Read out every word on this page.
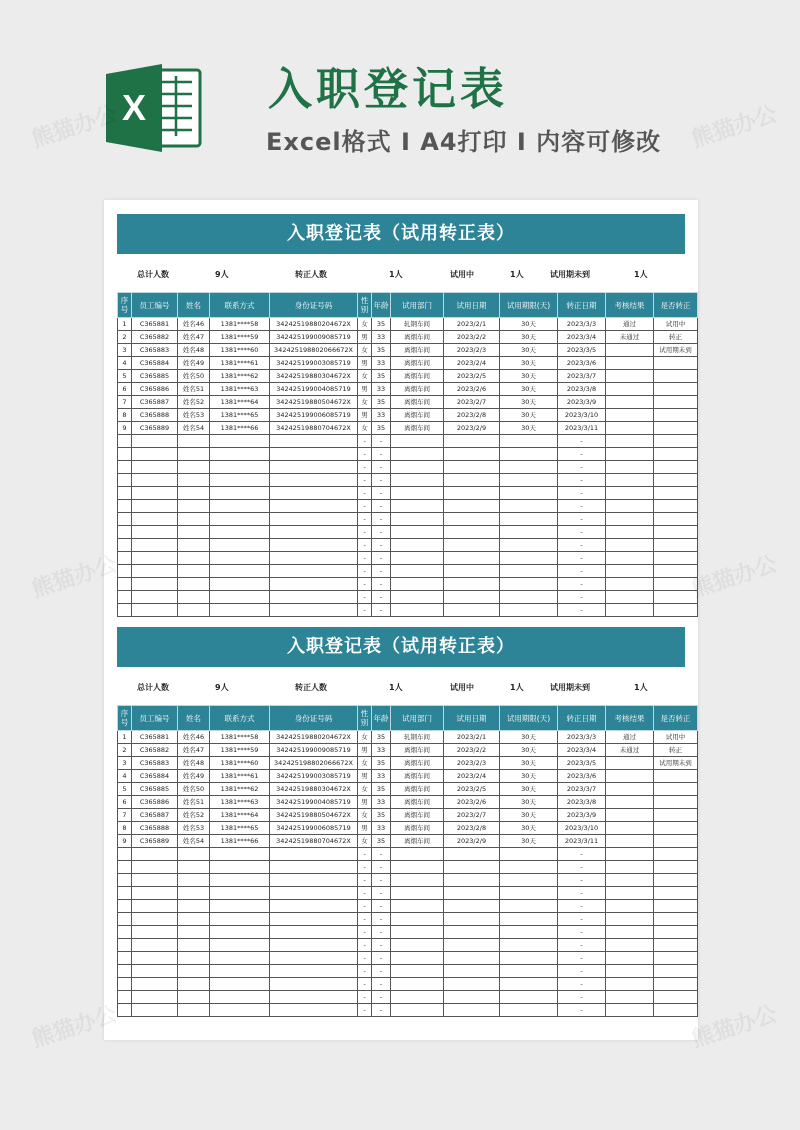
X	入职登记表
Excel格式 I A4打印 I 内容可修改
入职登记表（试用转正表）
总计人数	9人	转正人数	1人	试用中	1人	试用期未到	1人
序号	员工编号	姓名	联系方式	身份证号码	性别	年龄	试用部门	试用日期	试用期限(天)	转正日期	考核结果	是否转正
1	C365881	姓名46	1381****58	34242519880204672X	女	35	轧钢车间	2023/2/1	30天	2023/3/3	通过	试用中
2	C365882	姓名47	1381****59	342425199009085719	男	33	离烟车间	2023/2/2	30天	2023/3/4	未通过	转正
3	C365883	姓名48	1381****60	342425198802066672X	女	35	离烟车间	2023/2/3	30天	2023/3/5		试用期未到
4	C365884	姓名49	1381****61	342425199003085719	男	33	离烟车间	2023/2/4	30天	2023/3/6		
5	C365885	姓名50	1381****62	34242519880304672X	女	35	离烟车间	2023/2/5	30天	2023/3/7		
6	C365886	姓名51	1381****63	342425199004085719	男	33	离烟车间	2023/2/6	30天	2023/3/8		
7	C365887	姓名52	1381****64	34242519880504672X	女	35	离烟车间	2023/2/7	30天	2023/3/9		
8	C365888	姓名53	1381****65	342425199006085719	男	33	离烟车间	2023/2/8	30天	2023/3/10		
9	C365889	姓名54	1381****66	34242519880704672X	女	35	离烟车间	2023/2/9	30天	2023/3/11		
					-	-				-		
					-	-				-		
					-	-				-		
					-	-				-		
					-	-				-		
					-	-				-		
					-	-				-		
					-	-				-		
					-	-				-		
					-	-				-		
					-	-				-		
					-	-				-		
					-	-				-		
					-	-				-		
入职登记表（试用转正表）
总计人数	9人	转正人数	1人	试用中	1人	试用期未到	1人
序号	员工编号	姓名	联系方式	身份证号码	性别	年龄	试用部门	试用日期	试用期限(天)	转正日期	考核结果	是否转正
1	C365881	姓名46	1381****58	34242519880204672X	女	35	轧钢车间	2023/2/1	30天	2023/3/3	通过	试用中
2	C365882	姓名47	1381****59	342425199009085719	男	33	离烟车间	2023/2/2	30天	2023/3/4	未通过	转正
3	C365883	姓名48	1381****60	342425198802066672X	女	35	离烟车间	2023/2/3	30天	2023/3/5		试用期未到
4	C365884	姓名49	1381****61	342425199003085719	男	33	离烟车间	2023/2/4	30天	2023/3/6		
5	C365885	姓名50	1381****62	34242519880304672X	女	35	离烟车间	2023/2/5	30天	2023/3/7		
6	C365886	姓名51	1381****63	342425199004085719	男	33	离烟车间	2023/2/6	30天	2023/3/8		
7	C365887	姓名52	1381****64	34242519880504672X	女	35	离烟车间	2023/2/7	30天	2023/3/9		
8	C365888	姓名53	1381****65	342425199006085719	男	33	离烟车间	2023/2/8	30天	2023/3/10		
9	C365889	姓名54	1381****66	34242519880704672X	女	35	离烟车间	2023/2/9	30天	2023/3/11		
					-	-				-		
					-	-				-		
					-	-				-		
					-	-				-		
					-	-				-		
					-	-				-		
					-	-				-		
					-	-				-		
					-	-				-		
					-	-				-		
					-	-				-		
					-	-				-		
					-	-				-		
熊猫办公	熊猫办公
熊猫办公	熊猫办公
熊猫办公	熊猫办公
